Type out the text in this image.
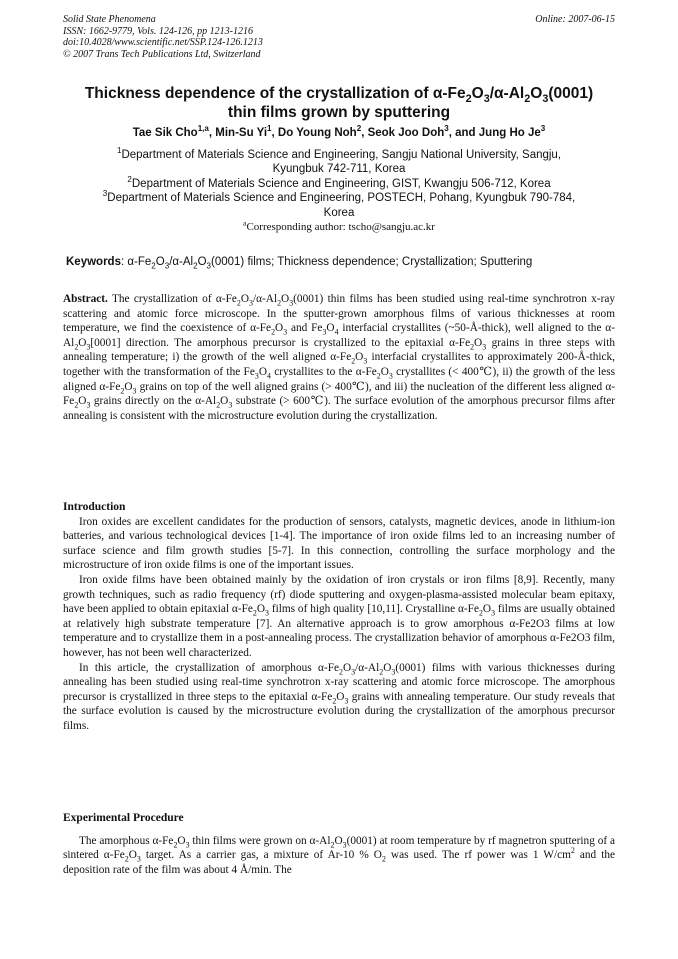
Solid State Phenomena
ISSN: 1662-9779, Vols. 124-126, pp 1213-1216
doi:10.4028/www.scientific.net/SSP.124-126.1213
© 2007 Trans Tech Publications Ltd, Switzerland
Online: 2007-06-15
Thickness dependence of the crystallization of $\alpha-Fe_2O_3/\alpha-Al_2O_3(0001)$
thin films grown by sputtering
Tae Sik Cho$^{1,a}$, Min-Su Yi$^1$, Do Young Noh$^2$, Seok Joo Doh$^3$, and Jung Ho Je$^3$
$^1$Department of Materials Science and Engineering, Sangju National University, Sangju,
Kyungbuk 742-711, Korea
$^2$Department of Materials Science and Engineering, GIST, Kwangju 506-712, Korea
$^3$Department of Materials Science and Engineering, POSTECH, Pohang, Kyungbuk 790-784,
Korea
$^a$Corresponding author: tscho@sangju.ac.kr
Keywords: $\alpha-Fe_2O_3/\alpha-Al_2O_3(0001)$ films; Thickness dependence; Crystallization; Sputtering
Abstract. The crystallization of $\alpha-Fe_2O_3/\alpha-Al_2O_3(0001)$ thin films has been studied using real-time synchrotron x-ray scattering and atomic force microscope. In the sputter-grown amorphous films of various thicknesses at room temperature, we find the coexistence of $\alpha-Fe_2O_3$ and $Fe_3O_4$ interfacial crystallites (~50-Å-thick), well aligned to the $\alpha-Al_2O_3[0001]$ direction. The amorphous precursor is crystallized to the epitaxial $\alpha-Fe_2O_3$ grains in three steps with annealing temperature; i) the growth of the well aligned $\alpha-Fe_2O_3$ interfacial crystallites to approximately 200-Å-thick, together with the transformation of the $Fe_3O_4$ crystallites to the $\alpha-Fe_2O_3$ crystallites (< 400℃), ii) the growth of the less aligned $\alpha-Fe_2O_3$ grains on top of the well aligned grains (> 400℃), and iii) the nucleation of the different less aligned $\alpha-Fe_2O_3$ grains directly on the $\alpha-Al_2O_3$ substrate (> 600℃). The surface evolution of the amorphous precursor films after annealing is consistent with the microstructure evolution during the crystallization.
Introduction

Iron oxides are excellent candidates for the production of sensors, catalysts, magnetic devices, anode in lithium-ion batteries, and various technological devices [1-4]. The importance of iron oxide films led to an increasing number of surface science and film growth studies [5-7]. In this connection, controlling the surface morphology and the microstructure of iron oxide films is one of the important issues.

Iron oxide films have been obtained mainly by the oxidation of iron crystals or iron films [8,9]. Recently, many growth techniques, such as radio frequency (rf) diode sputtering and oxygen-plasma-assisted molecular beam epitaxy, have been applied to obtain epitaxial $\alpha-Fe_2O_3$ films of high quality [10,11]. Crystalline $\alpha-Fe_2O_3$ films are usually obtained at relatively high substrate temperature [7]. An alternative approach is to grow amorphous α-Fe2O3 films at low temperature and to crystallize them in a post-annealing process. The crystallization behavior of amorphous α-Fe2O3 film, however, has not been well characterized.

In this article, the crystallization of amorphous $\alpha-Fe_2O_3/\alpha-Al_2O_3(0001)$ films with various thicknesses during annealing has been studied using real-time synchrotron x-ray scattering and atomic force microscope. The amorphous precursor is crystallized in three steps to the epitaxial $\alpha-Fe_2O_3$ grains with annealing temperature. Our study reveals that the surface evolution is caused by the microstructure evolution during the crystallization of the amorphous precursor films.

Experimental Procedure

The amorphous $\alpha-Fe_2O_3$ thin films were grown on $\alpha-Al_2O_3(0001)$ at room temperature by rf magnetron sputtering of a sintered $\alpha-Fe_2O_3$ target. As a carrier gas, a mixture of Ar-10 % $O_2$ was used. The rf power was 1 $W/cm^2$ and the deposition rate of the film was about 4 Å/min. The
